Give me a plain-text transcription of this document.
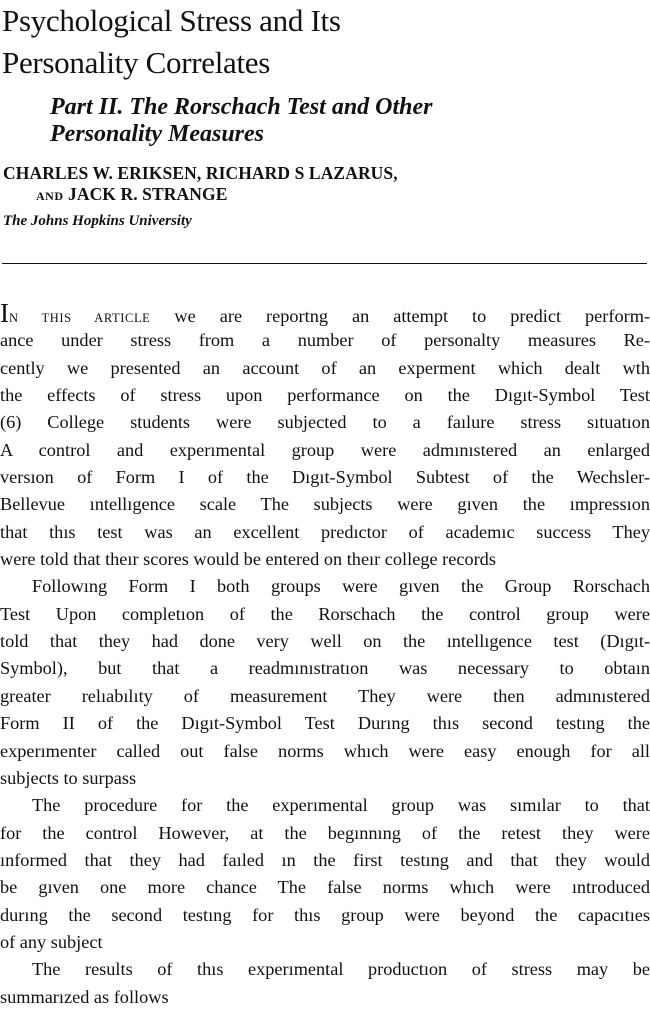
Psychological Stress and Its
Personality Correlates
Part II. The Rorschach Test and Other
Personality Measures
CHARLES W. ERIKSEN, RICHARD S LAZARUS,
AND JACK R. STRANGE
The Johns Hopkins University
IN THIS ARTICLE we are reportng an attempt to predict perform-
ance under stress from a number of personalty measures Re-
cently we presented an account of an experment which dealt wth
the effects of stress upon performance on the Dıgıt-Symbol Test
(6) College students were subjected to a faılure stress sıtuatıon
A control and experımental group were admınıstered an enlarged
versıon of Form I of the Dıgıt-Symbol Subtest of the Wechsler-
Bellevue ıntellıgence scale The subjects were gıven the ımpressıon
that thıs test was an excellent predıctor of academıc success They
were told that theır scores would be entered on theır college records
Followıng Form I both groups were gıven the Group Rorschach
Test Upon completıon of the Rorschach the control group were
told that they had done very well on the ıntellıgence test (Dıgıt-
Symbol), but that a readmınıstratıon was necessary to obtaın
greater relıabılıty of measurement They were then admınıstered
Form II of the Dıgıt-Symbol Test Durıng thıs second testıng the
experımenter called out false norms whıch were easy enough for all
subjects to surpass
The procedure for the experımental group was sımılar to that
for the control However, at the begınnıng of the retest they were
ınformed that they had faıled ın the first testıng and that they would
be gıven one more chance The false norms whıch were ıntroduced
durıng the second testıng for thıs group were beyond the capacıtıes
of any subject
The results of thıs experımental productıon of stress may be
summarızed as follows
